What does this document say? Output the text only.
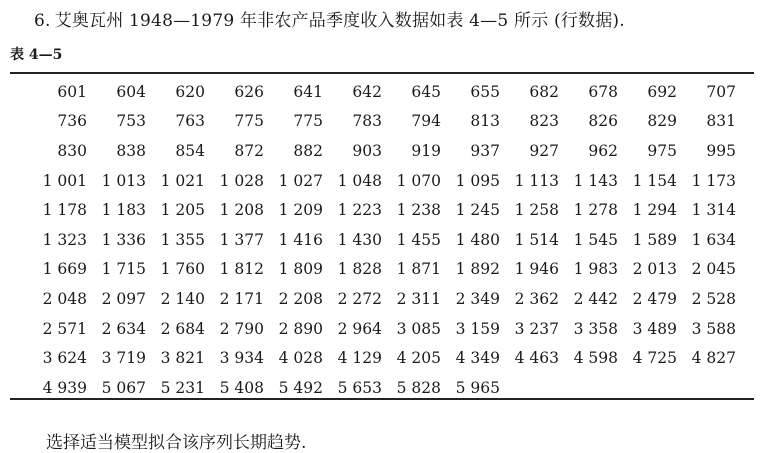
6. 艾奥瓦州 1948—1979 年非农产品季度收入数据如表 4—5 所示 (行数据).
表 4—5
601	604	620	626	641	642	645	655	682	678	692	707
736	753	763	775	775	783	794	813	823	826	829	831
830	838	854	872	882	903	919	937	927	962	975	995
1 001	1 013	1 021	1 028	1 027	1 048	1 070	1 095	1 113	1 143	1 154	1 173
1 178	1 183	1 205	1 208	1 209	1 223	1 238	1 245	1 258	1 278	1 294	1 314
1 323	1 336	1 355	1 377	1 416	1 430	1 455	1 480	1 514	1 545	1 589	1 634
1 669	1 715	1 760	1 812	1 809	1 828	1 871	1 892	1 946	1 983	2 013	2 045
2 048	2 097	2 140	2 171	2 208	2 272	2 311	2 349	2 362	2 442	2 479	2 528
2 571	2 634	2 684	2 790	2 890	2 964	3 085	3 159	3 237	3 358	3 489	3 588
3 624	3 719	3 821	3 934	4 028	4 129	4 205	4 349	4 463	4 598	4 725	4 827
4 939	5 067	5 231	5 408	5 492	5 653	5 828	5 965				
选择适当模型拟合该序列长期趋势.
